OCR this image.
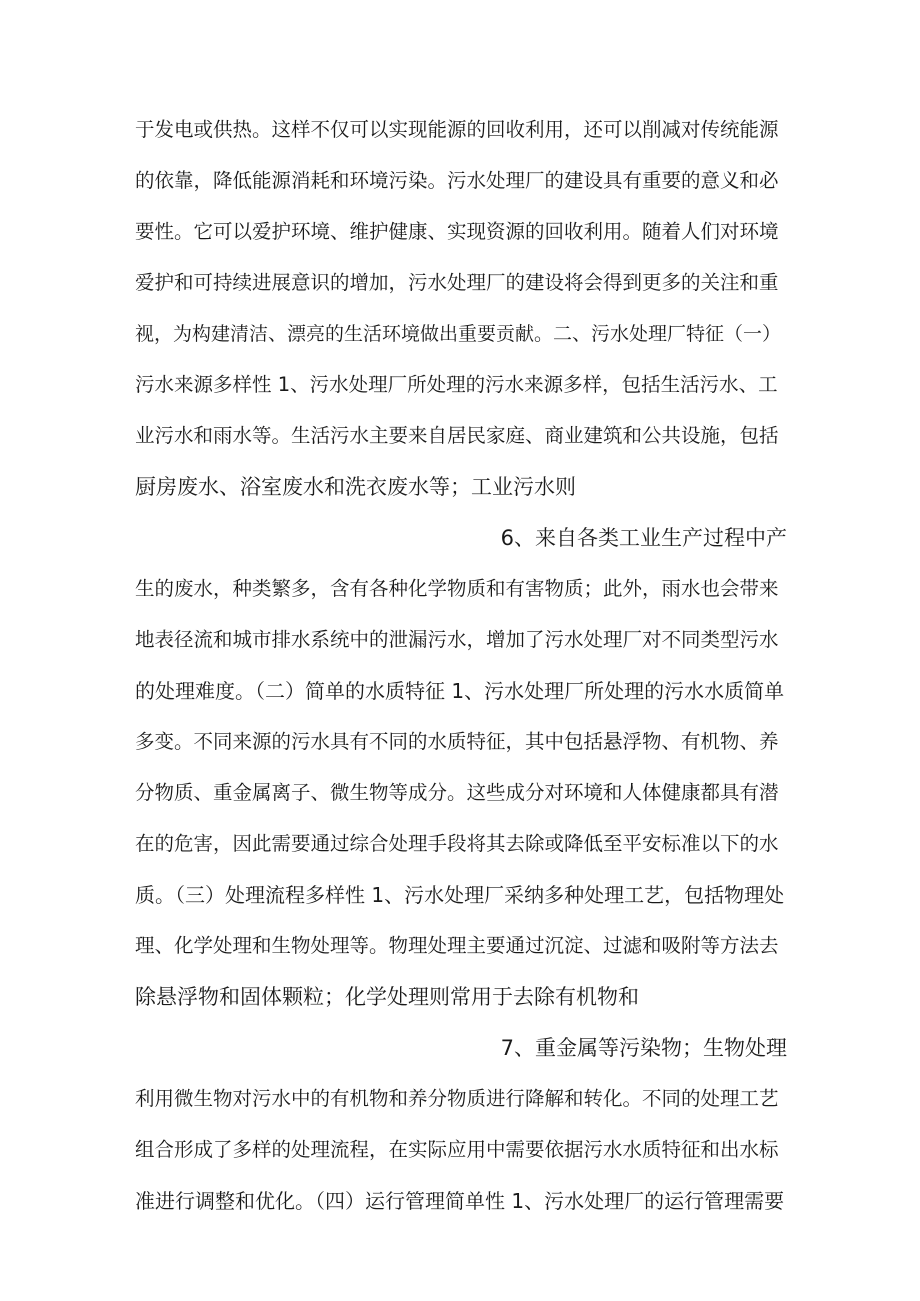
于发电或供热。这样不仅可以实现能源的回收利用，还可以削减对传统能源
的依靠，降低能源消耗和环境污染。污水处理厂的建设具有重要的意义和必
要性。它可以爱护环境、维护健康、实现资源的回收利用。随着人们对环境
爱护和可持续进展意识的增加，污水处理厂的建设将会得到更多的关注和重
视，为构建清洁、漂亮的生活环境做出重要贡献。二、污水处理厂特征（一）
污水来源多样性 1、污水处理厂所处理的污水来源多样，包括生活污水、工
业污水和雨水等。生活污水主要来自居民家庭、商业建筑和公共设施，包括
厨房废水、浴室废水和洗衣废水等；工业污水则
6、来自各类工业生产过程中产
生的废水，种类繁多，含有各种化学物质和有害物质；此外，雨水也会带来
地表径流和城市排水系统中的泄漏污水，增加了污水处理厂对不同类型污水
的处理难度。（二）简单的水质特征 1、污水处理厂所处理的污水水质简单
多变。不同来源的污水具有不同的水质特征，其中包括悬浮物、有机物、养
分物质、重金属离子、微生物等成分。这些成分对环境和人体健康都具有潜
在的危害，因此需要通过综合处理手段将其去除或降低至平安标准以下的水
质。（三）处理流程多样性 1、污水处理厂采纳多种处理工艺，包括物理处
理、化学处理和生物处理等。物理处理主要通过沉淀、过滤和吸附等方法去
除悬浮物和固体颗粒；化学处理则常用于去除有机物和
7、重金属等污染物；生物处理
利用微生物对污水中的有机物和养分物质进行降解和转化。不同的处理工艺
组合形成了多样的处理流程，在实际应用中需要依据污水水质特征和出水标
准进行调整和优化。（四）运行管理简单性 1、污水处理厂的运行管理需要
